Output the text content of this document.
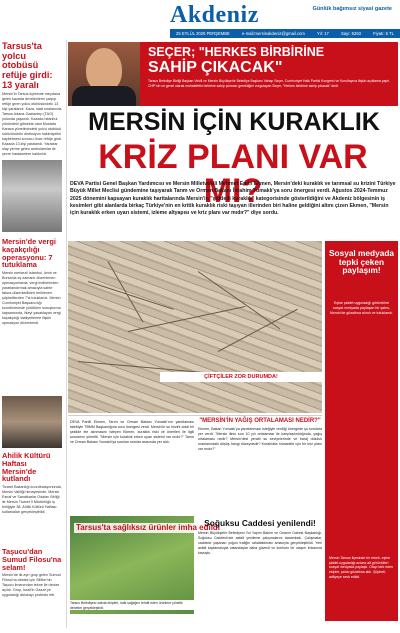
Tarsus'ta yolcu otobüsü refüje girdi: 13 yaralı
Mersin'in Tarsus ilçesinde meydana gelen kazada devrilenlerin çarpıp refüje giren yolcu otobüsündeki 13 kişi yaralandı. Kaza, saat sıralarında Tarsus Adana-Gaziantep (TAG) yolunda yaşandı. Kazada İstanbul yönündeki gitmekte olan Mustafa Karaca yönetimindeki yolcu otobüsü sürücüsünün direksiyon hakimiyetini kaybetmesi sonucu önce refüje girdi. Kazada 13 kişi yaralandı. Yaralılar olay yerine gelen ambulanslar ile çevre hastanelere kaldırıldı.
Mersin'de vergi kaçakçılığı operasyonu: 7 tutuklama
Mersin merkezli İstanbul, İzmir ve Bursa'da eş zamanlı düzenlenen operasyonlarda, vergi indiriminden yararlandırmak amacıyla sahte fatura düzenledikleri belirlenen şüphelilerden 7'si tutuklandı. Mersin Cumhuriyet Başsavcılığı koordinesinde yürütülen soruşturma kapsamında, ilkeyi yasaklayan vergi kaçakçılığı faaliyetlerine ilişkin operasyon düzenlendi.
Ahilik Kültürü Haftası Mersin'de kutlandı
Ticaret Bakanlığı koordinasyonunda, Mersin Valiliği himayesinde, Mersin Esnaf ve Sanatkarlar Odaları Birliği ile Mersin Ticaret İl Müdürlüğü iş birliğiyle 38. Ahilik Kültürü Haftası kutlamaları gerçekleştirildi.
Taşucu'dan Sumud Filosu'na selam!
Mersin'de iki ayrı grup gelen Sumud Filosu'na destek için Silifke'nin Taşucu limanından tekne ile denize açıldı. Grup, İsrail'in Gazze'ye uyguladığı ablukayı protesto etti.
Akdeniz	Günlük bağımsız siyasi gazete
25 EYLÜL 2025 PERŞEMBE	e-mail:mersinakdeniz@gmail.com	Yıl: 17	Sayı: 5263	Fiyatı: 5 TL
SEÇER; "HERKES BİRBİRİNE
SAHİP ÇIKACAK"
Tarsus Belediye Birliği Başkan Vekili ve Mersin Büyükşehir Belediye Başkanı Vahap Seçer, Cumhuriyet Halk Partisi Kongresi ve Kurultayına ilişkin açıklama yaptı. CHP'nin ve genel olarak muhalefetin birbirine sahip çıkması gerektiğini vurgulayan Seçer, "Herkes birbirine sahip çıkacak" dedi.
MERSİN İÇİN KURAKLIK
KRİZ PLANI VAR MI?
DEVA Partisi Genel Başkan Yardımcısı ve Mersin Milletvekili Mehmet Emin Ekmen, Mersin'deki kuraklık ve tarımsal su krizini Türkiye Büyük Millet Meclisi gündemine taşıyarak Tarım ve Orman Bakanı İbrahim Yumaklı'ya soru önergesi verdi. Ağustos 2024-Temmuz 2025 dönemini kapsayan kuraklık haritalarında Mersin'in "şiddetli kuraklık" kategorisinde gösterildiğini ve Akdeniz bölgesinin iş kesimleri gibi alanlarda birkaç Türkiye'nin en kritik kuraklık riski taşıyan illerinden biri haline geldiğini altını çizen Ekmen, "Mersin için kuraklık erken uyarı sistemi, izleme altyapısı ve kriz planı var mıdır?" diye sordu.
ÇİFTÇİLER ZOR DURUMDA!
Sosyal medyada tepki çeken paylaşım!
Eşine şiddet uyguladığı görüntüleri sosyal medyada paylaşan bir şahıs, Mersin'de gözaltına alındı ve tutuklandı.
Mersin Tarsus ilçesinde bir erkek, eşine şiddet uyguladığı anlara ait görüntüleri sosyal medyada paylaştı. Olayı fark eden ekipler, şahsı gözaltına aldı. Şüpheli, adliyeye sevk edildi.
DEVA Partili Ekmen, Tarım ve Orman Bakanı Yumaklı'nın yanıtlaması talebiyle TBMM Başkanlığına soru önergesi verdi. Mersin'in su krizini ciddi bir şekilde ele alınmasını isteyen Ekmen, kuraklık riski ve önerileri ile ilgili sorularını yöneltti. "Mersin için kuraklık erken uyarı sistemi var mıdır?" Tarım ve Orman Bakanı Yumaklı'ya sorulan sorular arasında yer aldı.
"MERSİN'İN YAĞIŞ ORTALAMASI NEDİR?"
Ekmen, Bakan Yumaklı'ya yanıtlanması isteğiyle verdiği önergede şu sorulara yer verdi: "Mersin ilinin son 10 yılı ortalaması ile karşılaştırıldığında, yağış ortalaması nedir? Mersin'deki yeraltı su seviyelerinde ve baraj doluluk oranlarındaki düşüş hangi düzeydedir? Kuraklıkla mücadele için bir kriz planı var mıdır?"
Tarsus'ta sağlıksız ürünler imha edildi
Tarsus Belediyesi zabıta ekipleri, halk sağlığını tehdit eden ürünlere yönelik denetim gerçekleştirdi.
Soğuksu Caddesi yenilendi!
Mersin Büyükşehir Belediyesi Yol Yapım Bakım ve Onarım Dairesi Başkanlığı, Soğuksu Caddesi'nde asfalt yenileme çalışmalarını tamamladı. Çalışmalar, caddede yaşanan yoğun trafiğin rahatlatılması amacıyla gerçekleştirildi. Yeni asfalt kaplamasıyla vatandaşlar daha güvenli ve konforlu bir ulaşım imkanına kavuştu.
